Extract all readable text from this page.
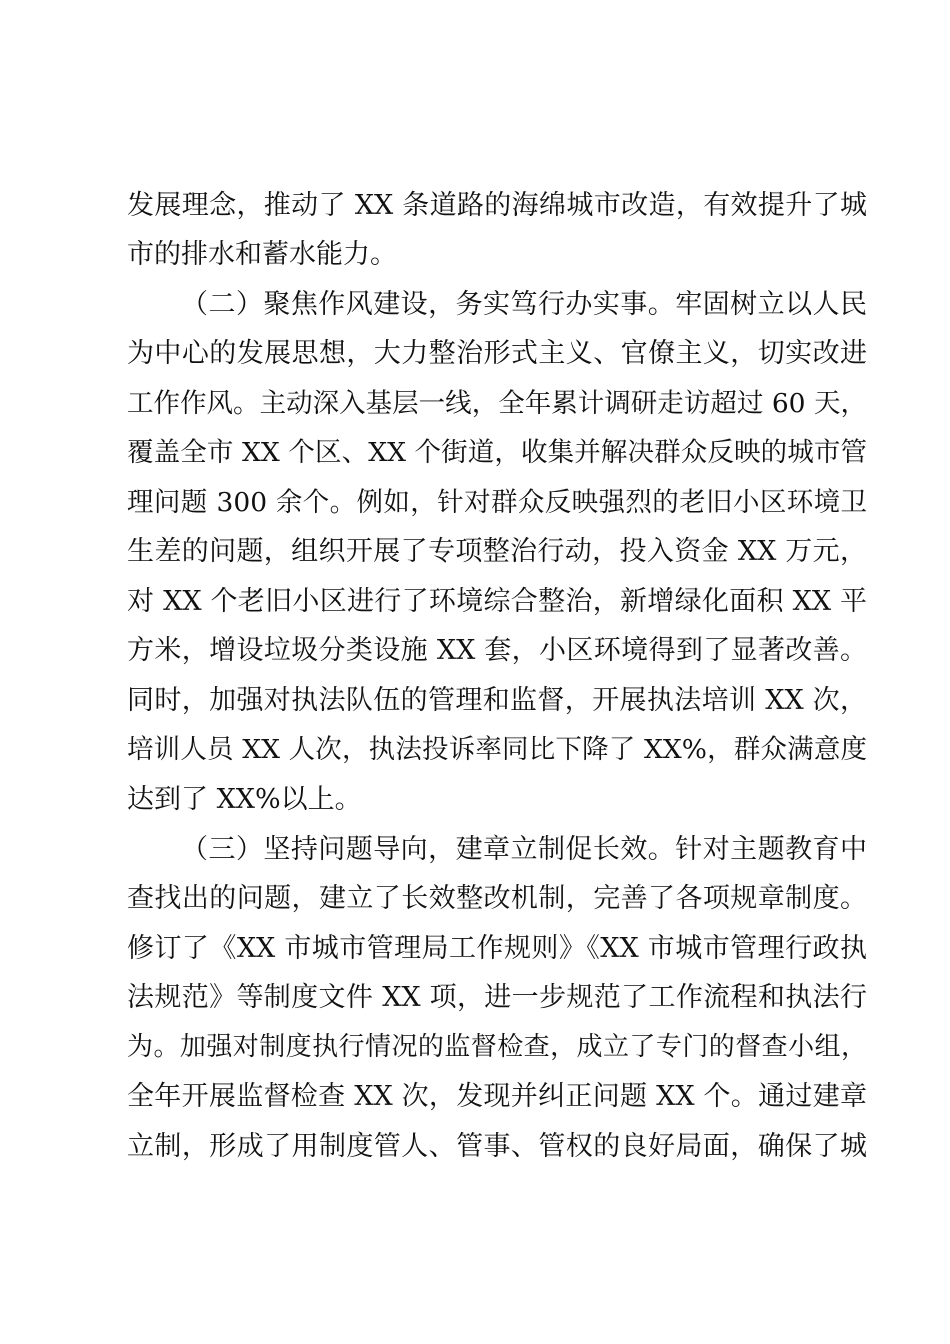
发展理念，推动了 XX 条道路的海绵城市改造，有效提升了城
市的排水和蓄水能力。
（二）聚焦作风建设，务实笃行办实事。牢固树立以人民
为中心的发展思想，大力整治形式主义、官僚主义，切实改进
工作作风。主动深入基层一线，全年累计调研走访超过 60 天，
覆盖全市 XX 个区、XX 个街道，收集并解决群众反映的城市管
理问题 300 余个。例如，针对群众反映强烈的老旧小区环境卫
生差的问题，组织开展了专项整治行动，投入资金 XX 万元，
对 XX 个老旧小区进行了环境综合整治，新增绿化面积 XX 平
方米，增设垃圾分类设施 XX 套，小区环境得到了显著改善。
同时，加强对执法队伍的管理和监督，开展执法培训 XX 次，
培训人员 XX 人次，执法投诉率同比下降了 XX%，群众满意度
达到了 XX%以上。
（三）坚持问题导向，建章立制促长效。针对主题教育中
查找出的问题，建立了长效整改机制，完善了各项规章制度。
修订了《XX 市城市管理局工作规则》《XX 市城市管理行政执
法规范》等制度文件 XX 项，进一步规范了工作流程和执法行
为。加强对制度执行情况的监督检查，成立了专门的督查小组，
全年开展监督检查 XX 次，发现并纠正问题 XX 个。通过建章
立制，形成了用制度管人、管事、管权的良好局面，确保了城
